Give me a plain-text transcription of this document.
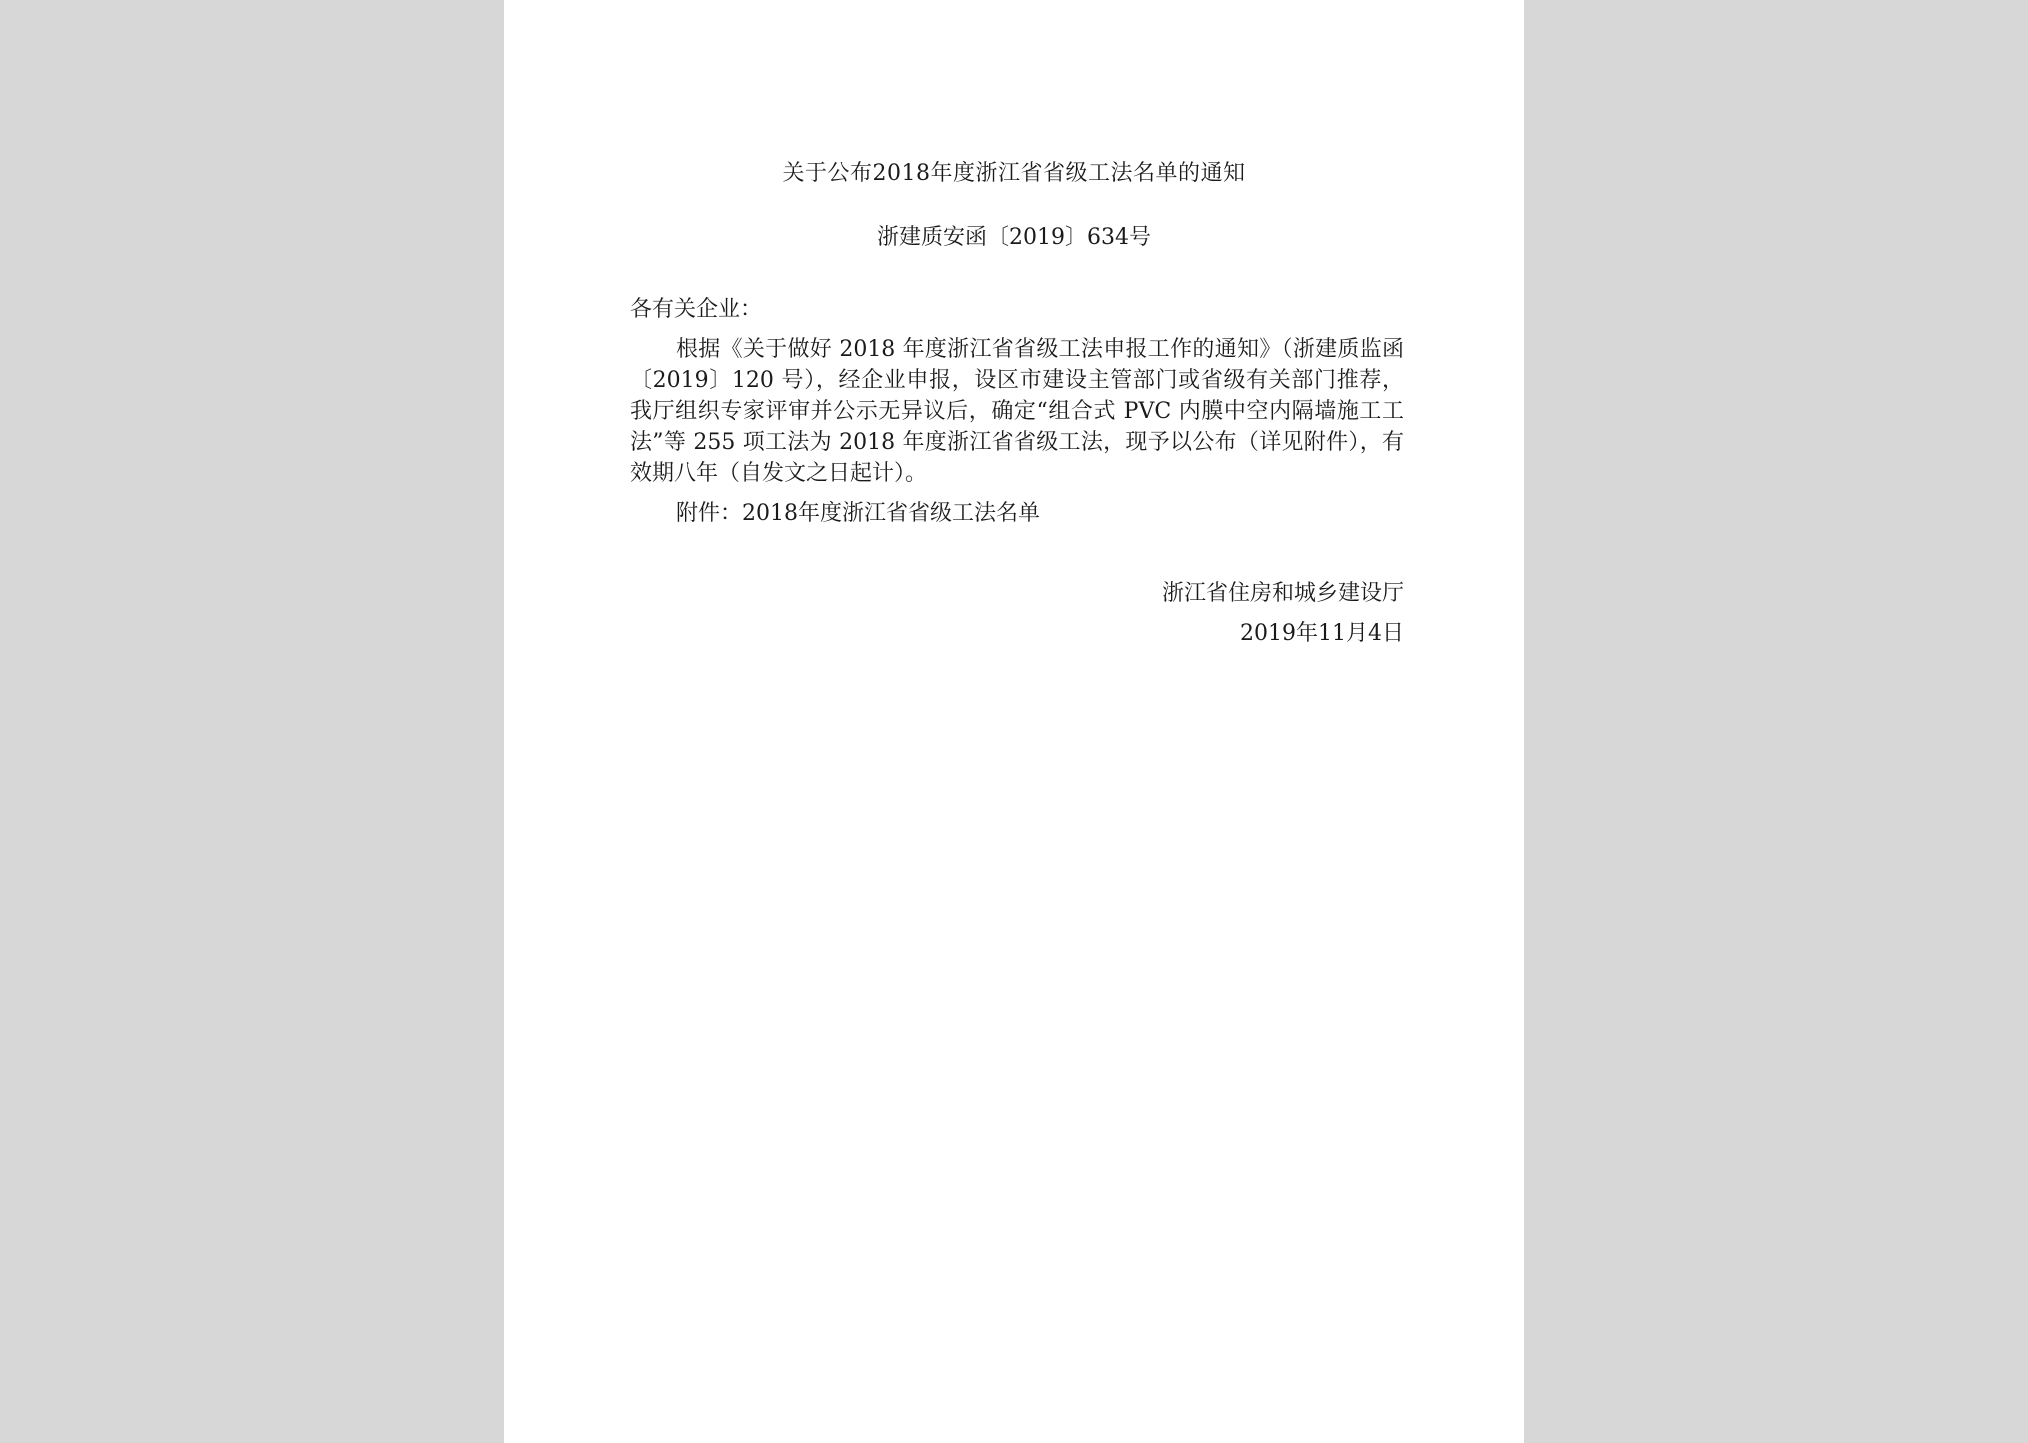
关于公布2018年度浙江省省级工法名单的通知
浙建质安函〔2019〕634号
各有关企业：
根据《关于做好 2018 年度浙江省省级工法申报工作的通知》（浙建质监函〔2019〕120 号），经企业申报，设区市建设主管部门或省级有关部门推荐，我厅组织专家评审并公示无异议后，确定“组合式 PVC 内膜中空内隔墙施工工法”等 255 项工法为 2018 年度浙江省省级工法，现予以公布（详见附件），有效期八年（自发文之日起计）。
附件：2018年度浙江省省级工法名单
浙江省住房和城乡建设厅
2019年11月4日
